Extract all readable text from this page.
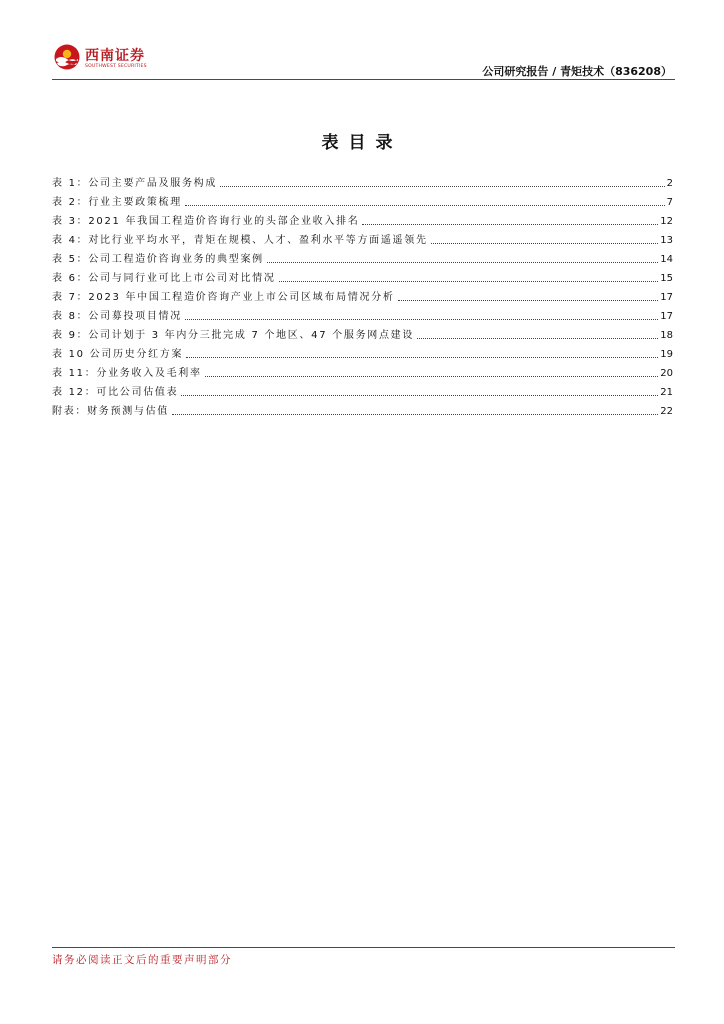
西南证券
SOUTHWEST SECURITIES	公司研究报告 / 青矩技术（836208）
表目录
表 1：公司主要产品及服务构成	2
表 2：行业主要政策梳理	7
表 3：2021 年我国工程造价咨询行业的头部企业收入排名	12
表 4：对比行业平均水平，青矩在规模、人才、盈利水平等方面遥遥领先	13
表 5：公司工程造价咨询业务的典型案例	14
表 6：公司与同行业可比上市公司对比情况	15
表 7：2023 年中国工程造价咨询产业上市公司区域布局情况分析	17
表 8：公司募投项目情况	17
表 9：公司计划于 3 年内分三批完成 7 个地区、47 个服务网点建设	18
表 10 公司历史分红方案	19
表 11：分业务收入及毛利率	20
表 12：可比公司估值表	21
附表：财务预测与估值	22
请务必阅读正文后的重要声明部分
